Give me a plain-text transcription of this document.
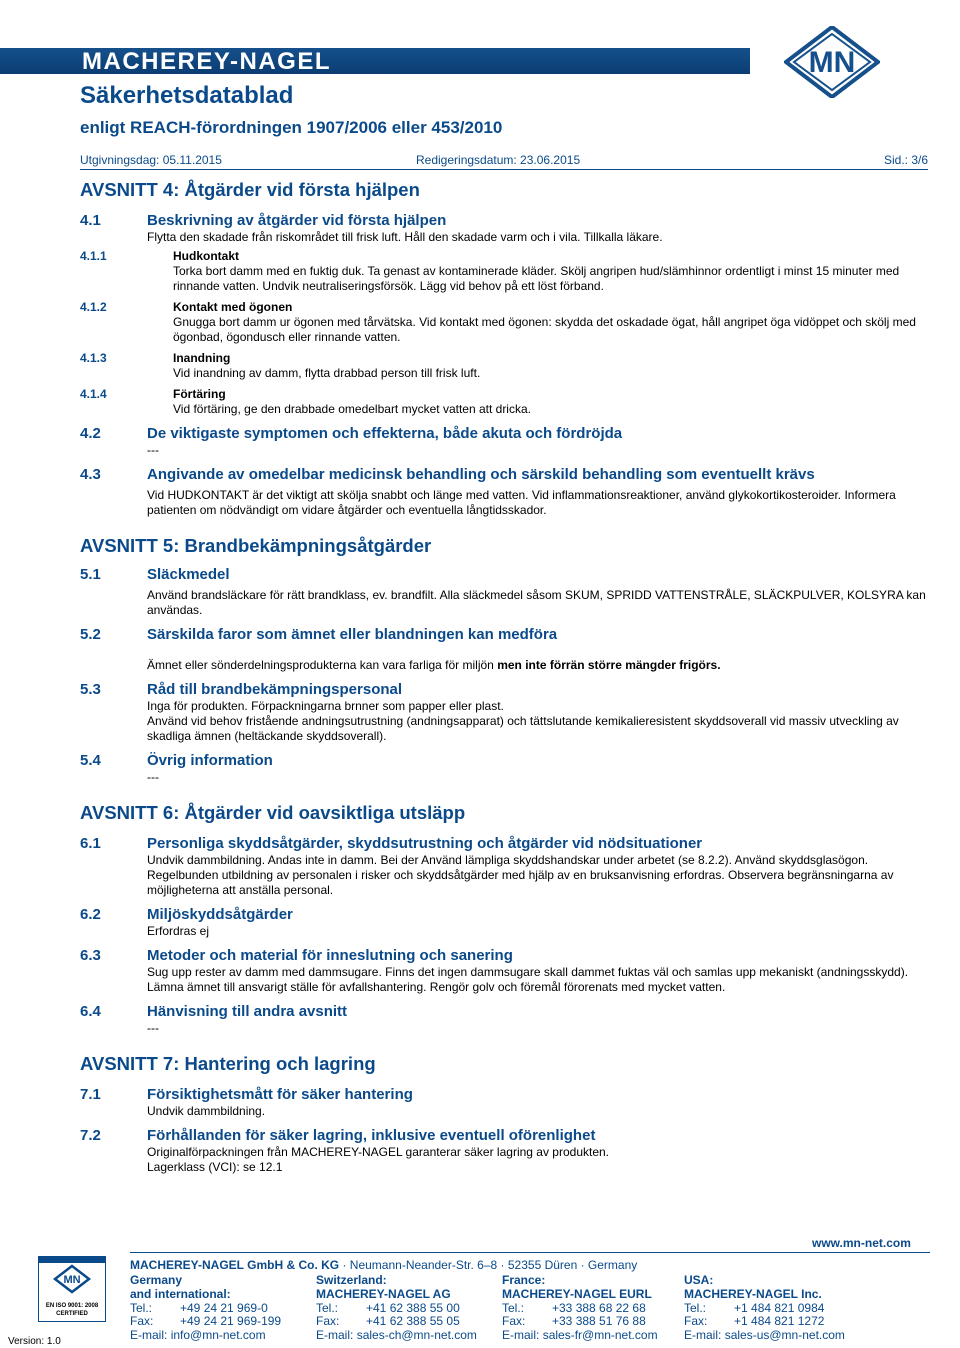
MACHEREY-NAGEL	MN
Säkerhetsdatablad
enligt REACH-förordningen 1907/2006 eller 453/2010
Utgivningsdag: 05.11.2015	Redigeringsdatum: 23.06.2015	Sid.: 3/6
AVSNITT 4: Åtgärder vid första hjälpen
4.1	Beskrivning av åtgärder vid första hjälpen
Flytta den skadade från riskområdet till frisk luft. Håll den skadade varm och i vila. Tillkalla läkare.
4.1.1	Hudkontakt
Torka bort damm med en fuktig duk. Ta genast av kontaminerade kläder. Skölj angripen hud/slämhinnor ordentligt i minst 15 minuter med rinnande vatten. Undvik neutraliseringsförsök. Lägg vid behov på ett löst förband.
4.1.2	Kontakt med ögonen
Gnugga bort damm ur ögonen med tårvätska. Vid kontakt med ögonen: skydda det oskadade ögat, håll angripet öga vidöppet och skölj med ögonbad, ögondusch eller rinnande vatten.
4.1.3	Inandning
Vid inandning av damm, flytta drabbad person till frisk luft.
4.1.4	Förtäring
Vid förtäring, ge den drabbade omedelbart mycket vatten att dricka.
4.2	De viktigaste symptomen och effekterna, både akuta och fördröjda
---
4.3	Angivande av omedelbar medicinsk behandling och särskild behandling som eventuellt krävs
Vid HUDKONTAKT är det viktigt att skölja snabbt och länge med vatten. Vid inflammationsreaktioner, använd glykokortikosteroider. Informera patienten om nödvändigt om vidare åtgärder och eventuella långtidsskador.
AVSNITT 5: Brandbekämpningsåtgärder
5.1	Släckmedel
Använd brandsläckare för rätt brandklass, ev. brandfilt. Alla släckmedel såsom SKUM, SPRIDD VATTENSTRÅLE, SLÄCKPULVER, KOLSYRA kan användas.
5.2	Särskilda faror som ämnet eller blandningen kan medföra
Ämnet eller sönderdelningsprodukterna kan vara farliga för miljön men inte förrän större mängder frigörs.
5.3	Råd till brandbekämpningspersonal
Inga för produkten. Förpackningarna brnner som papper eller plast.
Använd vid behov fristående andningsutrustning (andningsapparat) och tättslutande kemikalieresistent skyddsoverall vid massiv utveckling av skadliga ämnen (heltäckande skyddsoverall).
5.4	Övrig information
---
AVSNITT 6: Åtgärder vid oavsiktliga utsläpp
6.1	Personliga skyddsåtgärder, skyddsutrustning och åtgärder vid nödsituationer
Undvik dammbildning. Andas inte in damm. Bei der Använd lämpliga skyddshandskar under arbetet (se 8.2.2). Använd skyddsglasögon. Regelbunden utbildning av personalen i risker och skyddsåtgärder med hjälp av en bruksanvisning erfordras. Observera begränsningarna av möjligheterna att anställa personal.
6.2	Miljöskyddsåtgärder
Erfordras ej
6.3	Metoder och material för inneslutning och sanering
Sug upp rester av damm med dammsugare. Finns det ingen dammsugare skall dammet fuktas väl och samlas upp mekaniskt (andningsskydd). Lämna ämnet till ansvarigt ställe för avfallshantering. Rengör golv och föremål förorenats med mycket vatten.
6.4	Hänvisning till andra avsnitt
---
AVSNITT 7: Hantering och lagring
7.1	Försiktighetsmått för säker hantering
Undvik dammbildning.
7.2	Förhållanden för säker lagring, inklusive eventuell oförenlighet
Originalförpackningen från MACHEREY-NAGEL garanterar säker lagring av produkten.
Lagerklass (VCI): se 12.1
www.mn-net.com
MN
EN ISO 9001: 2008
CERTIFIED
Version: 1.0
MACHEREY-NAGEL GmbH & Co. KG · Neumann-Neander-Str. 6–8 · 52355 Düren · Germany
Germany
and international:
Tel.: +49 24 21 969-0
Fax: +49 24 21 969-199
E-mail: info@mn-net.com
Switzerland:
MACHEREY-NAGEL AG
Tel.: +41 62 388 55 00
Fax: +41 62 388 55 05
E-mail: sales-ch@mn-net.com
France:
MACHEREY-NAGEL EURL
Tel.: +33 388 68 22 68
Fax: +33 388 51 76 88
E-mail: sales-fr@mn-net.com
USA:
MACHEREY-NAGEL Inc.
Tel.: +1 484 821 0984
Fax: +1 484 821 1272
E-mail: sales-us@mn-net.com
